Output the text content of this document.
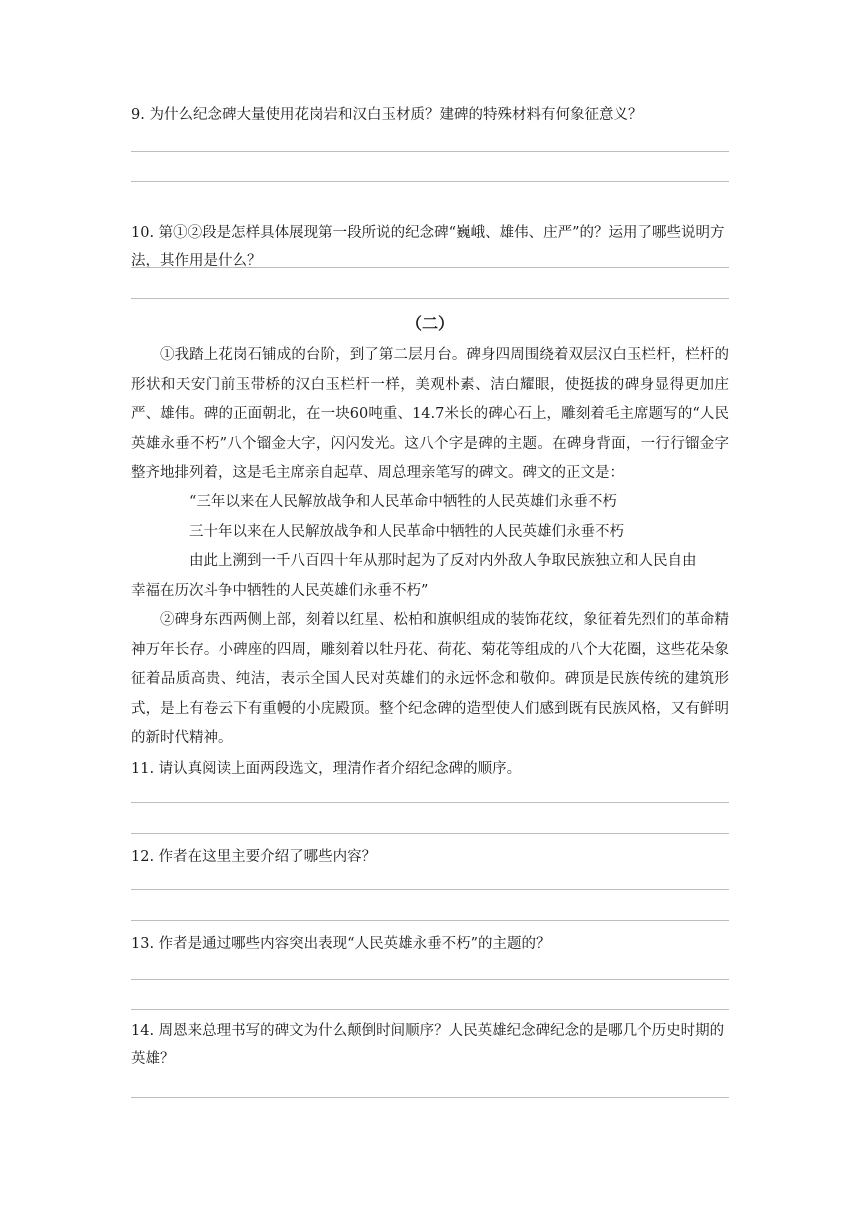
9. 为什么纪念碑大量使用花岗岩和汉白玉材质？建碑的特殊材料有何象征意义？
10. 第①②段是怎样具体展现第一段所说的纪念碑“巍峨、雄伟、庄严”的？运用了哪些说明方法，其作用是什么？
（二）
①我踏上花岗石铺成的台阶，到了第二层月台。碑身四周围绕着双层汉白玉栏杆，栏杆的形状和天安门前玉带桥的汉白玉栏杆一样，美观朴素、洁白耀眼，使挺拔的碑身显得更加庄严、雄伟。碑的正面朝北，在一块60吨重、14.7米长的碑心石上，雕刻着毛主席题写的“人民英雄永垂不朽”八个镏金大字，闪闪发光。这八个字是碑的主题。在碑身背面，一行行镏金字整齐地排列着，这是毛主席亲自起草、周总理亲笔写的碑文。碑文的正文是：
“三年以来在人民解放战争和人民革命中牺牲的人民英雄们永垂不朽
三十年以来在人民解放战争和人民革命中牺牲的人民英雄们永垂不朽
由此上溯到一千八百四十年从那时起为了反对内外敌人争取民族独立和人民自由
幸福在历次斗争中牺牲的人民英雄们永垂不朽”
②碑身东西两侧上部，刻着以红星、松柏和旗帜组成的装饰花纹，象征着先烈们的革命精神万年长存。小碑座的四周，雕刻着以牡丹花、荷花、菊花等组成的八个大花圈，这些花朵象征着品质高贵、纯洁，表示全国人民对英雄们的永远怀念和敬仰。碑顶是民族传统的建筑形式，是上有卷云下有重幔的小庑殿顶。整个纪念碑的造型使人们感到既有民族风格，又有鲜明的新时代精神。
11. 请认真阅读上面两段选文，理清作者介绍纪念碑的顺序。
12. 作者在这里主要介绍了哪些内容？
13. 作者是通过哪些内容突出表现“人民英雄永垂不朽”的主题的？
14. 周恩来总理书写的碑文为什么颠倒时间顺序？人民英雄纪念碑纪念的是哪几个历史时期的英雄？
